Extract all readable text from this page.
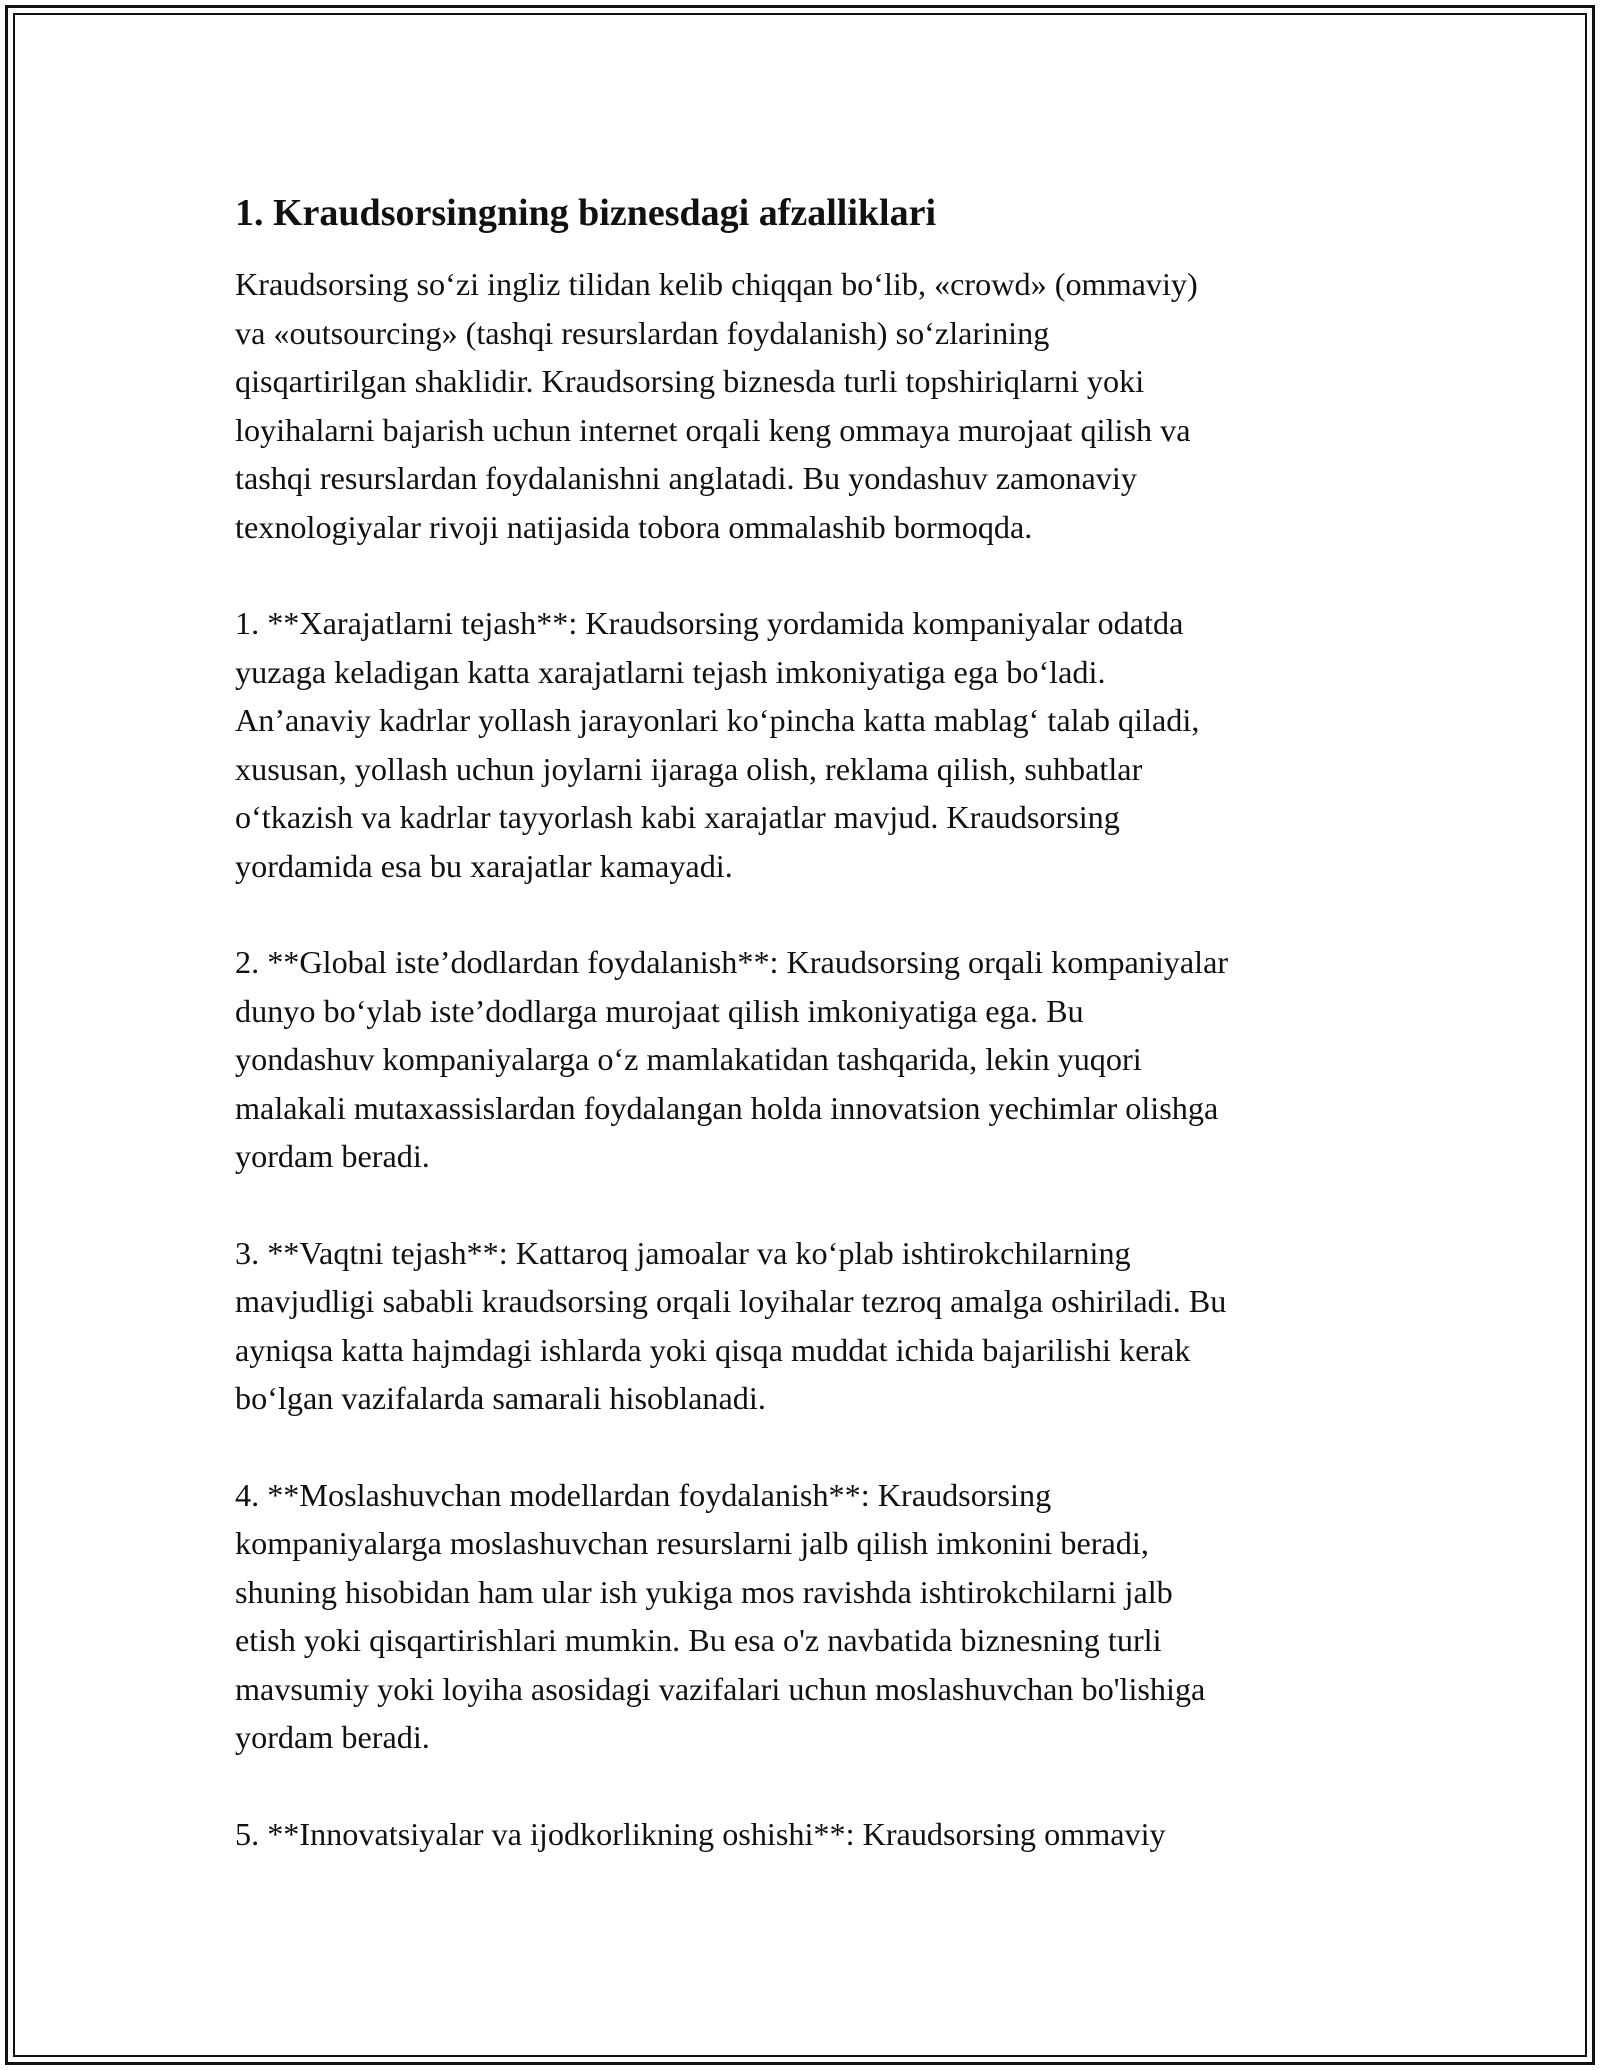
1. Kraudsorsingning biznesdagi afzalliklari

Kraudsorsing so‘zi ingliz tilidan kelib chiqqan bo‘lib, «crowd» (ommaviy)
va «outsourcing» (tashqi resurslardan foydalanish) so‘zlarining
qisqartirilgan shaklidir. Kraudsorsing biznesda turli topshiriqlarni yoki
loyihalarni bajarish uchun internet orqali keng ommaya murojaat qilish va
tashqi resurslardan foydalanishni anglatadi. Bu yondashuv zamonaviy
texnologiyalar rivoji natijasida tobora ommalashib bormoqda.

1. **Xarajatlarni tejash**: Kraudsorsing yordamida kompaniyalar odatda
yuzaga keladigan katta xarajatlarni tejash imkoniyatiga ega bo‘ladi.
An’anaviy kadrlar yollash jarayonlari ko‘pincha katta mablag‘ talab qiladi,
xususan, yollash uchun joylarni ijaraga olish, reklama qilish, suhbatlar
o‘tkazish va kadrlar tayyorlash kabi xarajatlar mavjud. Kraudsorsing
yordamida esa bu xarajatlar kamayadi.

2. **Global iste’dodlardan foydalanish**: Kraudsorsing orqali kompaniyalar
dunyo bo‘ylab iste’dodlarga murojaat qilish imkoniyatiga ega. Bu
yondashuv kompaniyalarga o‘z mamlakatidan tashqarida, lekin yuqori
malakali mutaxassislardan foydalangan holda innovatsion yechimlar olishga
yordam beradi.

3. **Vaqtni tejash**: Kattaroq jamoalar va ko‘plab ishtirokchilarning
mavjudligi sababli kraudsorsing orqali loyihalar tezroq amalga oshiriladi. Bu
ayniqsa katta hajmdagi ishlarda yoki qisqa muddat ichida bajarilishi kerak
bo‘lgan vazifalarda samarali hisoblanadi.

4. **Moslashuvchan modellardan foydalanish**: Kraudsorsing
kompaniyalarga moslashuvchan resurslarni jalb qilish imkonini beradi,
shuning hisobidan ham ular ish yukiga mos ravishda ishtirokchilarni jalb
etish yoki qisqartirishlari mumkin. Bu esa o'z navbatida biznesning turli
mavsumiy yoki loyiha asosidagi vazifalari uchun moslashuvchan bo'lishiga
yordam beradi.

5. **Innovatsiyalar va ijodkorlikning oshishi**: Kraudsorsing ommaviy
